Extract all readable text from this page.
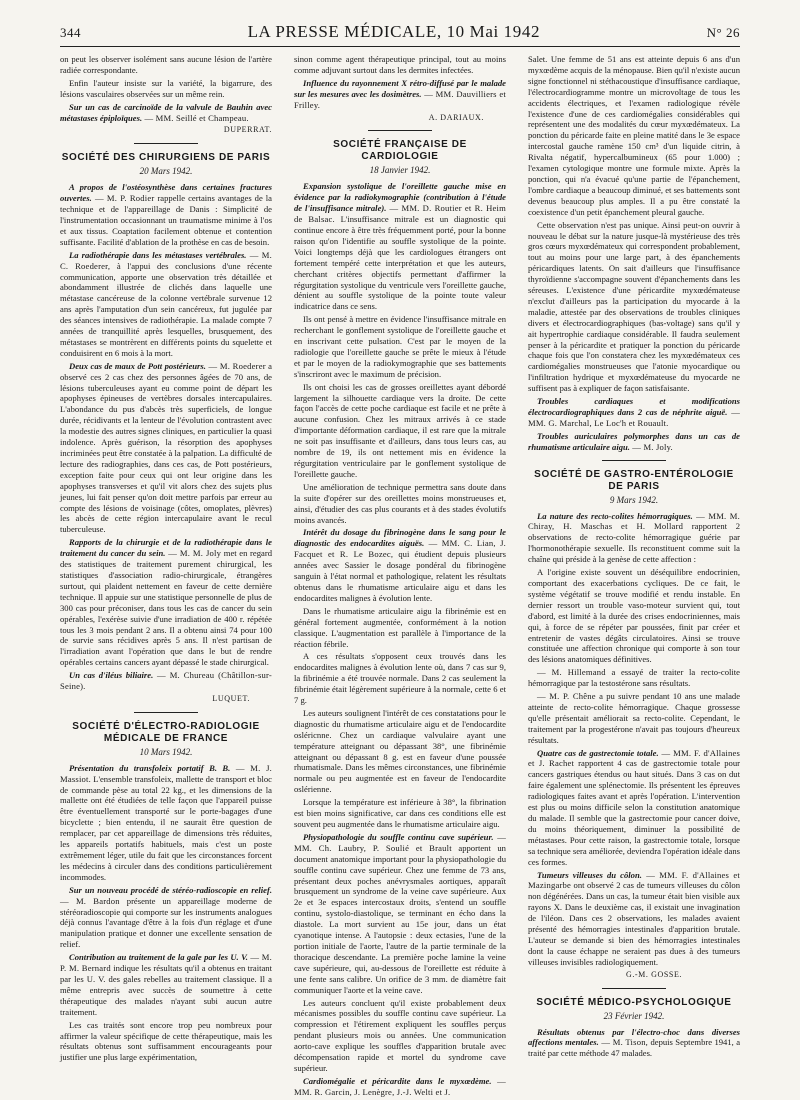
344	LA PRESSE MÉDICALE, 10 Mai 1942	N° 26

on peut les observer isolément sans aucune lésion de l'artère radiée correspondante.

Enfin l'auteur insiste sur la variété, la bigarrure, des lésions vasculaires observées sur un même rein.

Sur un cas de carcinoïde de la valvule de Bauhin avec métastases épiploïques. — MM. Seillé et Champeau.
DUPERRAT.
SOCIÉTÉ DES CHIRURGIENS DE PARIS
20 Mars 1942.
A propos de l'ostéosynthèse dans certaines fractures ouvertes. — M. P. Rodier rappelle certains avantages de la technique et de l'appareillage de Danis : Simplicité de l'instrumentation occasionnant un traumatisme minime à l'os et aux tissus. Coaptation facilement obtenue et contention suffisante. Facilité d'ablation de la prothèse en cas de besoin.
La radiothérapie dans les métastases vertébrales. — M. C. Roederer, à l'appui des conclusions d'une récente communication, apporte une observation très détaillée et abondamment illustrée de clichés dans laquelle une métastase cancéreuse de la colonne vertébrale survenue 12 ans après l'amputation d'un sein cancéreux, fut jugulée par des séances intensives de radiothérapie. La malade compte 7 années de tranquillité après lesquelles, brusquement, des métastases se montrèrent en différents points du squelette et conduisirent en 6 mois à la mort.
Deux cas de maux de Pott postérieurs. — M. Roederer a observé ces 2 cas chez des personnes âgées de 70 ans, de lésions tuberculeuses ayant eu comme point de départ les apophyses épineuses de vertèbres dorsales intercapulaires. L'abondance du pus d'abcès très superficiels, de longue durée, récidivants et la lenteur de l'évolution contrastent avec la modestie des autres signes cliniques, en particulier la quasi indolence. Après guérison, la résorption des apophyses incriminées peut être constatée à la palpation. La difficulté de lecture des radiographies, dans ces cas, de Pott postérieurs, exception faite pour ceux qui ont leur origine dans les apophyses transverses et qu'il vit alors chez des sujets plus jeunes, lui fait penser qu'on doit mettre parfois par erreur au compte des lésions de voisinage (côtes, omoplates, plèvres) les abcès de cette région intercapulaire avant le recul tuberculeuse.
Rapports de la chirurgie et de la radiothérapie dans le traitement du cancer du sein. — M. M. Joly met en regard des statistiques de traitement purement chirurgical, les statistiques d'association radio-chirurgicale, étrangères surtout, qui plaident nettement en faveur de cette dernière technique. Il appuie sur une statistique personnelle de plus de 300 cas pour préconiser, dans tous les cas de cancer du sein opérables, l'exérèse suivie d'une irradiation de 400 r. répétée tous les 3 mois pendant 2 ans. Il a obtenu ainsi 74 pour 100 de survie sans récidives après 5 ans. Il n'est partisan de l'irradiation avant l'opération que dans le but de rendre opérables certains cancers ayant dépassé le stade chirurgical.
Un cas d'iléus biliaire. — M. Chureau (Châtillon-sur-Seine).
LUQUET.
SOCIÉTÉ D'ÉLECTRO-RADIOLOGIE MÉDICALE DE FRANCE
10 Mars 1942.
Présentation du transfoleix portatif B. B. — M. J. Massiot. L'ensemble transfoleix, mallette de transport et bloc de commande pèse au total 22 kg., et les dimensions de la mallette ont été étudiées de telle façon que l'appareil puisse être éventuellement transporté sur le porte-bagages d'une bicyclette ; bien entendu, il ne saurait être question de remplacer, par cet appareillage de dimensions très réduites, les appareils portatifs habituels, mais c'est un poste extrêmement léger, utile du fait que les circonstances forcent les médecins à circuler dans des conditions particulièrement incommodes.
Sur un nouveau procédé de stéréo-radioscopie en relief. — M. Bardon présente un appareillage moderne de stéréoradioscopie qui comporte sur les instruments analogues déjà connus l'avantage d'être à la fois d'un réglage et d'une manipulation pratique et donner une excellente sensation de relief.
Contribution au traitement de la gale par les U. V. — M. P. M. Bernard indique les résultats qu'il a obtenus en traitant par les U. V. des gales rebelles au traitement classique. Il a même entrepris avec succès de soumettre à cette thérapeutique des malades n'ayant subi aucun autre traitement.

Les cas traités sont encore trop peu nombreux pour affirmer la valeur spécifique de cette thérapeutique, mais les résultats obtenus sont suffisamment encourageants pour justifier une plus large expérimentation,

sinon comme agent thérapeutique principal, tout au moins comme adjuvant surtout dans les dermites infectées.

Influence du rayonnement X rétro-diffusé par le malade sur les mesures avec les dosimètres. — MM. Dauvilliers et Frilley.
A. DARIAUX.
SOCIÉTÉ FRANÇAISE DE CARDIOLOGIE
18 Janvier 1942.
Expansion systolique de l'oreillette gauche mise en évidence par la radiokymographie (contribution à l'étude de l'insuffisance mitrale). — MM. D. Routier et R. Heim de Balsac. L'insuffisance mitrale est un diagnostic qui continue encore à être très fréquemment porté, pour la bonne raison qu'on l'identifie au souffle systolique de la pointe. Voici longtemps déjà que les cardiologues étrangers ont fortement tempéré cette interprétation et que les auteurs, cherchant critères objectifs permettant d'affirmer la régurgitation systolique du ventricule vers l'oreillette gauche, dénient au souffle systolique de la pointe toute valeur indicatrice dans ce sens.

Ils ont pensé à mettre en évidence l'insuffisance mitrale en recherchant le gonflement systolique de l'oreillette gauche et en inscrivant cette pulsation. C'est par le moyen de la radiologie que l'oreillette gauche se prête le mieux à l'étude et par le moyen de la radiokymographie que ses battements s'inscriront avec le maximum de précision.

Ils ont choisi les cas de grosses oreillettes ayant débordé largement la silhouette cardiaque vers la droite. De cette façon l'accès de cette poche cardiaque est facile et ne prête à aucune confusion. Chez les mitraux arrivés à ce stade d'importante déformation cardiaque, il est rare que la mitrale ne soit pas insuffisante et d'ailleurs, dans tous leurs cas, au nombre de 19, ils ont nettement mis en évidence la régurgitation ventriculaire par le gonflement systolique de l'oreillette gauche.

Une amélioration de technique permettra sans doute dans la suite d'opérer sur des oreillettes moins monstrueuses et, ainsi, d'étudier des cas plus courants et à des stades évolutifs moins avancés.

Intérêt du dosage du fibrinogène dans le sang pour le diagnostic des endocardites aiguës. — MM. C. Lian, J. Facquet et R. Le Bozec, qui étudient depuis plusieurs années avec Sassier le dosage pondéral du fibrinogène sanguin à l'état normal et pathologique, relatent les résultats obtenus dans le rhumatisme articulaire aigu et dans les endocardites malignes à évolution lente.

Dans le rhumatisme articulaire aigu la fibrinémie est en général fortement augmentée, conformément à la notion classique. L'augmentation est parallèle à l'importance de la réaction fébrile.

A ces résultats s'opposent ceux trouvés dans les endocardites malignes à évolution lente où, dans 7 cas sur 9, la fibrinémie a été trouvée normale. Dans 2 cas seulement la fibrinémie était légèrement supérieure à la normale, cette 6 et 7 g.

Les auteurs soulignent l'intérêt de ces constatations pour le diagnostic du rhumatisme articulaire aigu et de l'endocardite osléricnne. Chez un cardiaque valvulaire ayant une température atteignant ou dépassant 38°, une fibrinémie atteignant ou dépassant 8 g. est en faveur d'une poussée rhumatismale. Dans les mêmes circonstances, une fibrinémie normale ou peu augmentée est en faveur de l'endocardite oslérienne.

Lorsque la température est inférieure à 38°, la fibrination est bien moins significative, car dans ces conditions elle est souvent peu augmentée dans le rhumatisme articulaire aigu.

Physiopathologie du souffle continu cave supérieur. — MM. Ch. Laubry, P. Soulié et Brault apportent un document anatomique important pour la physiopathologie du souffle continu cave supérieur. Chez une femme de 73 ans, présentant deux poches anévrysmales aortiques, apparaît brusquement un syndrome de la veine cave supérieure. Aux 2e et 3e espaces intercostaux droits, s'entend un souffle continu, systolo-diastolique, se terminant en écho dans la diastole. La mort survient au 15e jour, dans un état cyanotique intense. A l'autopsie : deux ectasies, l'une de la portion initiale de l'aorte, l'autre de la partie terminale de la thoracique descendante. La première poche lamine la veine cave supérieure, qui, au-dessous de l'oreillette est réduite à une fente sans calibre. Un orifice de 3 mm. de diamètre fait communiquer l'aorte et la veine cave.

Les auteurs concluent qu'il existe probablement deux mécanismes possibles du souffle continu cave supérieur. La compression et l'étirement expliquent les souffles perçus pendant plusieurs mois ou années. Une communication aorto-cave explique les souffles d'apparition brutale avec décompensation rapide et mortel du syndrome cave supérieur.

Cardiomégalie et péricardite dans le myxœdème. — MM. R. Garcin, J. Lenègre, J.-J. Welti et J.

Salet. Une femme de 51 ans est atteinte depuis 6 ans d'un myxœdème acquis de la ménopause. Bien qu'il n'existe aucun signe fonctionnel ni stéthacoustique d'insuffisance cardiaque, l'électrocardiogramme montre un microvoltage de tous les accidents électriques, et l'examen radiologique révèle l'existence d'une de ces cardiomégalies considérables qui représentent une des modalités du cœur myxœdémateux. La ponction du péricarde faite en pleine matité dans le 3e espace intercostal gauche ramène 150 cm³ d'un liquide citrin, à Rivalta négatif, hypercalbumineux (65 pour 1.000) ; l'examen cytologique montre une formule mixte. Après la ponction, qui n'a évacué qu'une partie de l'épanchement, l'ombre cardiaque a beaucoup diminué, et ses battements sont devenus beaucoup plus amples. Il a pu être constaté la coexistence d'un petit épanchement pleural gauche.

Cette observation n'est pas unique. Ainsi peut-on ouvrir à nouveau le débat sur la nature jusque-là mystérieuse des très gros cœurs myxœdémateux qui correspondent probablement, tout au moins pour une large part, à des épanchements péricardiques latents. On sait d'ailleurs que l'insuffisance thyroïdienne s'accompagne souvent d'épanchements dans les séreuses. L'existence d'une péricardite myxœdémateuse n'exclut d'ailleurs pas la participation du myocarde à la maladie, attestée par des observations de troubles cliniques divers et électrocardiographiques (bas-voltage) sans qu'il y ait hypertrophie cardiaque considérable. Il faudra seulement penser à la péricardite et pratiquer la ponction du péricarde chaque fois que l'on constatera chez les myxœdémateux ces cardiomégalies monstrueuses que l'atonie myocardique ou l'infiltration hydrique et myxœdémateuse du myocarde ne suffisent pas à expliquer de façon satisfaisante.

Troubles cardiaques et modifications électrocardiographiques dans 2 cas de néphrite aiguë. — MM. G. Marchal, Le Loc'h et Rouault.
Troubles auriculaires polymorphes dans un cas de rhumatisme articulaire aigu. — M. Joly.
SOCIÉTÉ DE GASTRO-ENTÉROLOGIE DE PARIS
9 Mars 1942.
La nature des recto-colites hémorragiques. — MM. M. Chiray, H. Maschas et H. Mollard rapportent 2 observations de recto-colite hémorragique guérie par l'hormonothérapie sexuelle. Ils reconstituent comme suit la chaîne qui préside à la genèse de cette affection :

A l'origine existe souvent un déséquilibre endocrinien, comportant des exacerbations cycliques. De ce fait, le système végétatif se trouve modifié et rendu instable. En dernier ressort un trouble vaso-moteur survient qui, tout d'abord, est limité à la durée des crises endocriniennes, mais qui, à force de se répéter par poussées, finit par créer et entretenir de vastes dégâts circulatoires. Ainsi se trouve constituée une affection chronique qui comporte à son tour des lésions anatomiques définitives.

— M. Hillemand a essayé de traiter la recto-colite hémorragique par la testostérone sans résultats.
— M. P. Chêne a pu suivre pendant 10 ans une malade atteinte de recto-colite hémorragique. Chaque grossesse qu'elle présentait améliorait sa recto-colite. Cependant, le traitement par la progestérone n'avait pas toujours d'heureux résultats.
Quatre cas de gastrectomie totale. — MM. F. d'Allaines et J. Rachet rapportent 4 cas de gastrectomie totale pour cancers gastriques étendus ou haut situés. Dans 3 cas on dut faire également une splénectomie. Ils présentent les épreuves radiologiques faites avant et après l'opération. L'intervention est plus ou moins difficile selon la constitution anatomique du malade. Il semble que la gastrectomie pour cancer doive, du moins théoriquement, diminuer la possibilité de métastases. Pour cette raison, la gastrectomie totale, lorsque sa technique sera améliorée, deviendra l'opération idéale dans ces formes.
Tumeurs villeuses du côlon. — MM. F. d'Allaines et Mazingarbe ont observé 2 cas de tumeurs villeuses du côlon non dégénérées. Dans un cas, la tumeur était bien visible aux rayons X. Dans le deuxième cas, il existait une invagination de l'iléon. Dans ces 2 observations, les malades avaient présenté des hémorragies intestinales d'apparition brutale. L'auteur se demande si bien des hémorragies intestinales dont la cause échappe ne seraient pas dues à des tumeurs villeuses invisibles radiologiquement.
G.-M. GOSSE.
SOCIÉTÉ MÉDICO-PSYCHOLOGIQUE
23 Février 1942.
Résultats obtenus par l'électro-choc dans diverses affections mentales. — M. Tison, depuis Septembre 1941, a traité par cette méthode 47 malades.
